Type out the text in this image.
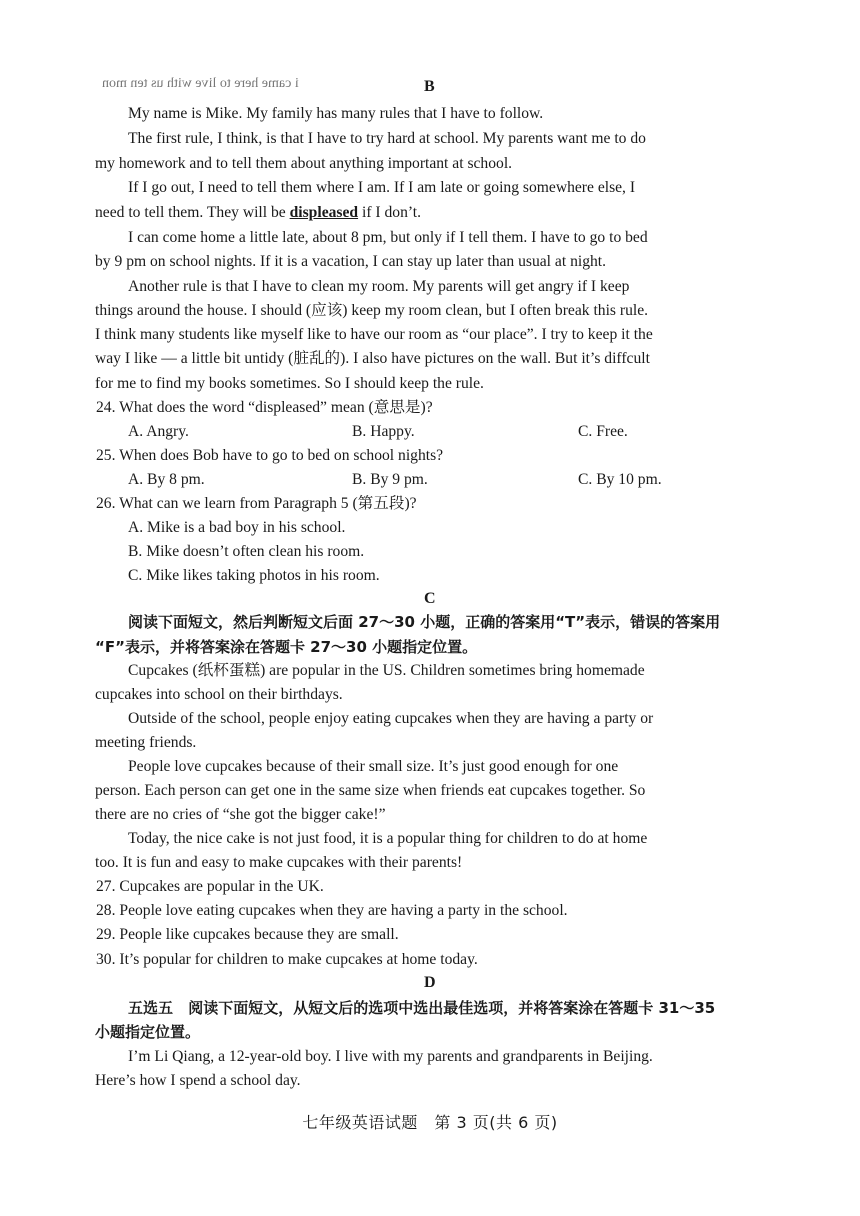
i came here to live with us ten mon	B
My name is Mike. My family has many rules that I have to follow.
The first rule, I think, is that I have to try hard at school. My parents want me to do
my homework and to tell them about anything important at school.
If I go out, I need to tell them where I am. If I am late or going somewhere else, I
need to tell them. They will be displeased if I don’t.
I can come home a little late, about 8 pm, but only if I tell them. I have to go to bed
by 9 pm on school nights. If it is a vacation, I can stay up later than usual at night.
Another rule is that I have to clean my room. My parents will get angry if I keep
things around the house. I should (应该) keep my room clean, but I often break this rule.
I think many students like myself like to have our room as “our place”. I try to keep it the
way I like — a little bit untidy (脏乱的). I also have pictures on the wall. But it’s diffcult
for me to find my books sometimes. So I should keep the rule.
24. What does the word “displeased” mean (意思是)?
A. Angry.	B. Happy.	C. Free.
25. When does Bob have to go to bed on school nights?
A. By 8 pm.	B. By 9 pm.	C. By 10 pm.
26. What can we learn from Paragraph 5 (第五段)?
A. Mike is a bad boy in his school.
B. Mike doesn’t often clean his room.
C. Mike likes taking photos in his room.
C
阅读下面短文，然后判断短文后面 27～30 小题，正确的答案用“T”表示，错误的答案用
“F”表示，并将答案涂在答题卡 27～30 小题指定位置。
Cupcakes (纸杯蛋糕) are popular in the US. Children sometimes bring homemade
cupcakes into school on their birthdays.
Outside of the school, people enjoy eating cupcakes when they are having a party or
meeting friends.
People love cupcakes because of their small size. It’s just good enough for one
person. Each person can get one in the same size when friends eat cupcakes together. So
there are no cries of “she got the bigger cake!”
Today, the nice cake is not just food, it is a popular thing for children to do at home
too. It is fun and easy to make cupcakes with their parents!
27. Cupcakes are popular in the UK.
28. People love eating cupcakes when they are having a party in the school.
29. People like cupcakes because they are small.
30. It’s popular for children to make cupcakes at home today.
D
五选五 阅读下面短文，从短文后的选项中选出最佳选项，并将答案涂在答题卡 31～35
小题指定位置。
I’m Li Qiang, a 12-year-old boy. I live with my parents and grandparents in Beijing.
Here’s how I spend a school day.
七年级英语试题　第 3 页(共 6 页)
